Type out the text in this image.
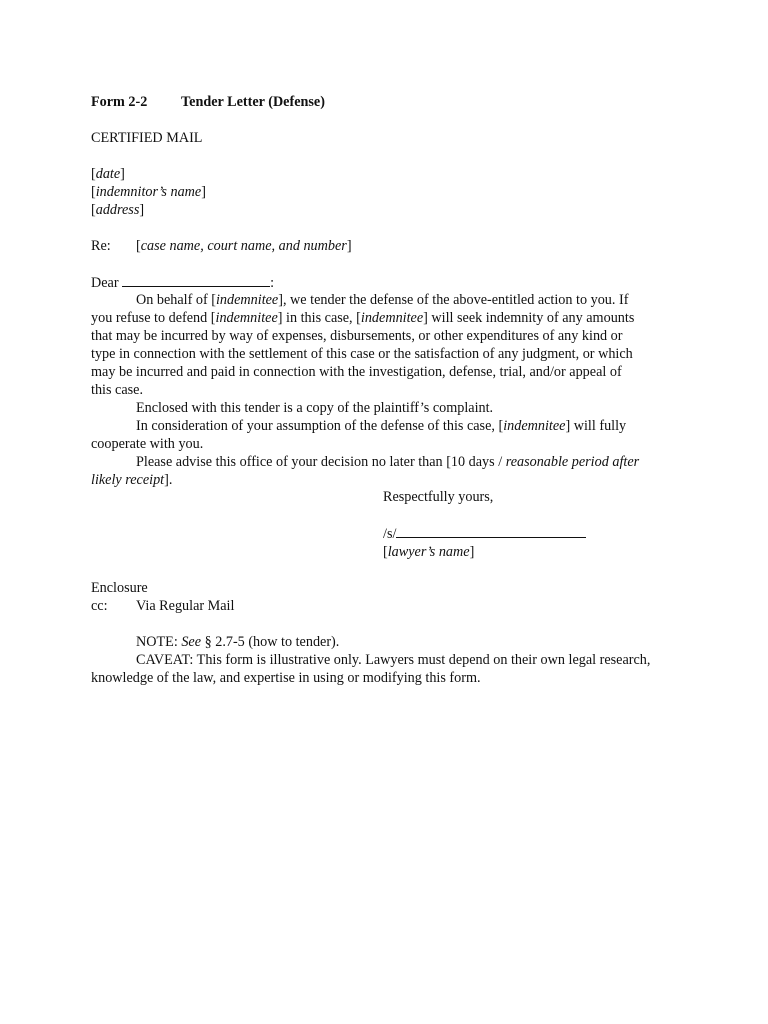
Form 2-2 Tender Letter (Defense)
CERTIFIED MAIL
[date]
[indemnitor’s name]
[address]
Re: [case name, court name, and number]
Dear	:
On behalf of [indemnitee], we tender the defense of the above-entitled action to you. If
you refuse to defend [indemnitee] in this case, [indemnitee] will seek indemnity of any amounts
that may be incurred by way of expenses, disbursements, or other expenditures of any kind or
type in connection with the settlement of this case or the satisfaction of any judgment, or which
may be incurred and paid in connection with the investigation, defense, trial, and/or appeal of
this case.
Enclosed with this tender is a copy of the plaintiff’s complaint.
In consideration of your assumption of the defense of this case, [indemnitee] will fully
cooperate with you.
Please advise this office of your decision no later than [10 days / reasonable period after
likely receipt].
Respectfully yours,
/s/
[lawyer’s name]
Enclosure
cc: Via Regular Mail
NOTE: See § 2.7-5 (how to tender).
CAVEAT: This form is illustrative only. Lawyers must depend on their own legal research,
knowledge of the law, and expertise in using or modifying this form.
